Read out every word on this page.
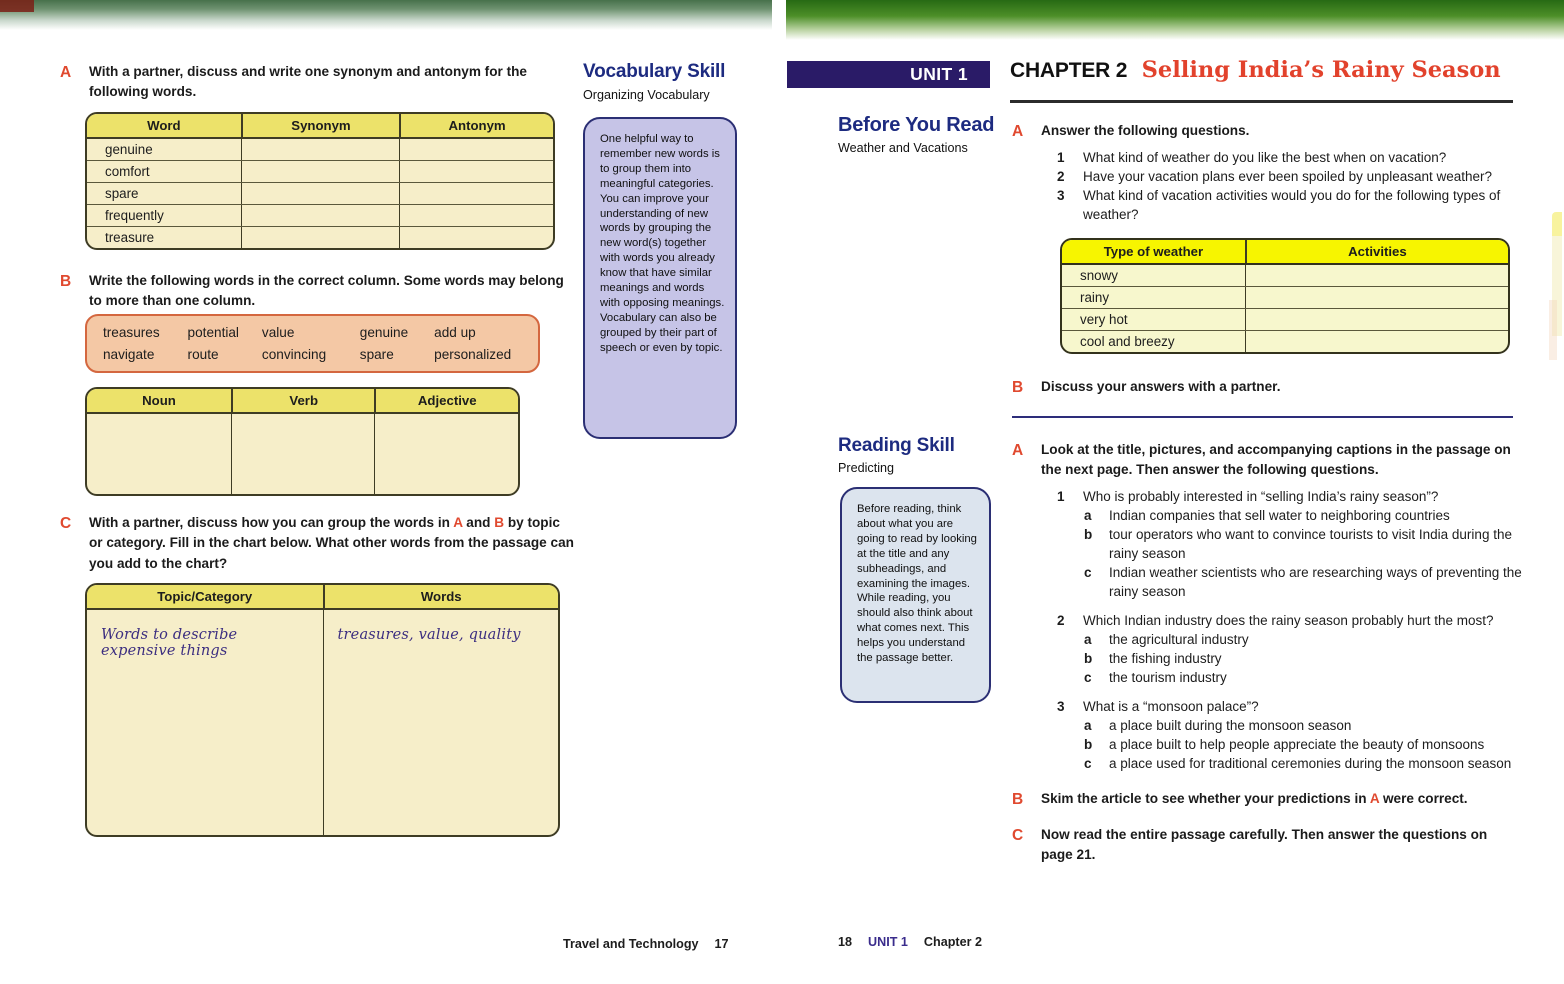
A	With a partner, discuss and write one synonym and antonym for the following words.
Word	Synonym	Antonym
genuine
comfort
spare
frequently
treasure
B	Write the following words in the correct column. Some words may belong to more than one column.
treasures	potential	value	genuine	add up
navigate	route	convincing	spare	personalized
Noun	Verb	Adjective
C	With a partner, discuss how you can group the words in A and B by topic or category. Fill in the chart below. What other words from the passage can you add to the chart?
Topic/Category	Words
Words to describe expensive things
treasures, value, quality
Travel and Technology 17
Vocabulary Skill
Organizing Vocabulary
One helpful way to remember new words is to group them into meaningful categories. You can improve your understanding of new words by grouping the new word(s) together with words you already know that have similar meanings and words with opposing meanings. Vocabulary can also be grouped by their part of speech or even by topic.
UNIT 1	CHAPTER 2 Selling India’s Rainy Season
Before You Read
Weather and Vacations
A	Answer the following questions.
1	What kind of weather do you like the best when on vacation?
2	Have your vacation plans ever been spoiled by unpleasant weather?
3	What kind of vacation activities would you do for the following types of weather?
Type of weather	Activities
snowy
rainy
very hot
cool and breezy
B	Discuss your answers with a partner.
Reading Skill
Predicting
Before reading, think about what you are going to read by looking at the title and any subheadings, and examining the images. While reading, you should also think about what comes next. This helps you understand the passage better.
A	Look at the title, pictures, and accompanying captions in the passage on the next page. Then answer the following questions.
1	Who is probably interested in “selling India’s rainy season”?
a	Indian companies that sell water to neighboring countries
b tour operators who want to convince tourists to visit India during the rainy season
c	Indian weather scientists who are researching ways of preventing the rainy season
2	Which Indian industry does the rainy season probably hurt the most?
a	the agricultural industry
b the fishing industry
c	the tourism industry
3	What is a “monsoon palace”?
a	a place built during the monsoon season
b a place built to help people appreciate the beauty of monsoons
c	a place used for traditional ceremonies during the monsoon season
B	Skim the article to see whether your predictions in A were correct.
C	Now read the entire passage carefully. Then answer the questions on page 21.
18 UNIT 1 Chapter 2
